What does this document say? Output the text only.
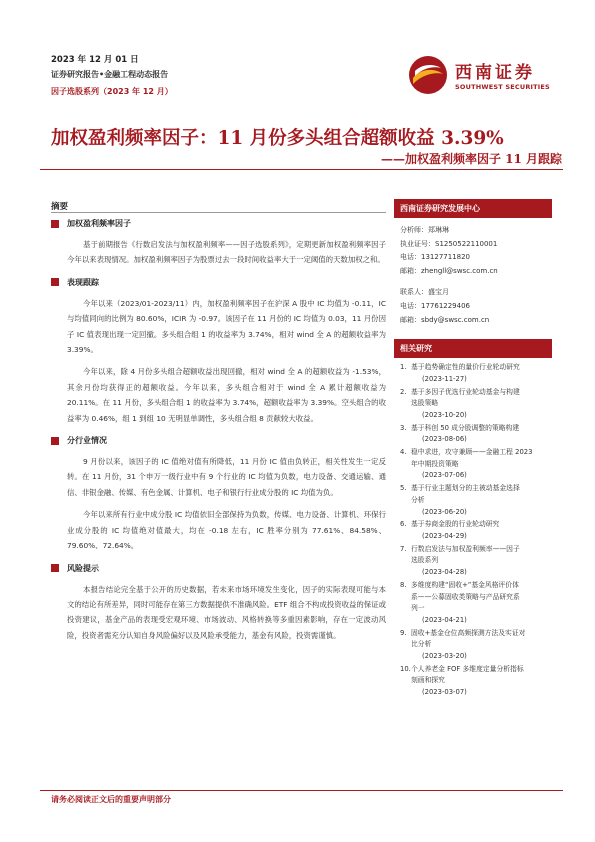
2023 年 12 月 01 日
证券研究报告•金融工程动态报告
因子选股系列（2023 年 12 月）
西南证券
SOUTHWEST SECURITIES
加权盈利频率因子：11 月份多头组合超额收益 3.39%
——加权盈利频率因子 11 月跟踪
摘要
加权盈利频率因子

基于前期报告《行数启发法与加权盈利频率——因子选股系列》，定期更新加权盈利频率因子今年以来表现情况。加权盈利频率因子为股票过去一段时间收益率大于一定阈值的天数加权之和。

表现跟踪

今年以来（2023/01-2023/11）内，加权盈利频率因子在沪深 A 股中 IC 均值为 -0.11，IC 与均值同向的比例为 80.60%，ICIR 为 -0.97。该因子在 11 月份的 IC 均值为 0.03，11 月份因子 IC 值表现出现一定回撤。多头组合组 1 的收益率为 3.74%，相对 wind 全 A 的超额收益率为 3.39%。

今年以来，除 4 月份多头组合超额收益出现回撤，相对 wind 全 A 的超额收益为 -1.53%，其余月份均获得正的超额收益。今年以来，多头组合相对于 wind 全 A 累计超额收益为 20.11%。在 11 月份，多头组合组 1 的收益率为 3.74%，超额收益率为 3.39%。空头组合的收益率为 0.46%，组 1 到组 10 无明显单调性，多头组合组 8 贡献较大收益。

分行业情况

9 月份以来，该因子的 IC 值绝对值有所降低，11 月份 IC 值由负转正，相关性发生一定反转。在 11 月份，31 个申万一级行业中有 9 个行业的 IC 均值为负数，电力设备、交通运输、通信、非银金融、传媒、有色金属、计算机、电子和银行行业成分股的 IC 均值为负。

今年以来所有行业中成分股 IC 均值依旧全部保持为负数，传媒、电力设备、计算机、环保行业成分股的 IC 均值绝对值最大，均在 -0.18 左右，IC 胜率分别为 77.61%、84.58%、79.60%、72.64%。

风险提示

本报告结论完全基于公开的历史数据，若未来市场环境发生变化，因子的实际表现可能与本文的结论有所差异，同时可能存在第三方数据提供不准确风险。ETF 组合不构成投资收益的保证或投资建议，基金产品的表现受宏观环境、市场波动、风格转换等多重因素影响，存在一定波动风险，投资者需充分认知自身风险偏好以及风险承受能力，基金有风险，投资需谨慎。

西南证券研究发展中心
分析师：郑琳琳
执业证号：S1250522110001
电话：13127711820
邮箱：zhengll@swsc.com.cn
联系人：盛宝月
电话：17761229406
邮箱：sbdy@swsc.com.cn
相关研究
1. 基于趋势确定性的量价行业轮动研究
(2023-11-27)
2. 基于多因子优选行业轮动基金与构建
选股策略
(2023-10-20)
3. 基于科创 50 成分股调整的策略构建
(2023-08-06)
4. 稳中求进，攻守兼顾——金融工程 2023
年中期投资策略
(2023-07-06)
5. 基于行业主题划分的主被动基金选择
分析
(2023-06-20)
6. 基于券商金股的行业轮动研究
(2023-04-29)
7. 行数启发法与加权盈利频率——因子
选股系列
(2023-04-28)
8. 多维度构建“固收+”基金风格评价体
系——公募固收类策略与产品研究系
列一
(2023-04-21)
9. 固收+基金仓位高频探测方法及实证对
比分析
(2023-03-20)
10. 个人养老金 FOF 多维度定量分析指标
刻画和探究
(2023-03-07)
请务必阅读正文后的重要声明部分
